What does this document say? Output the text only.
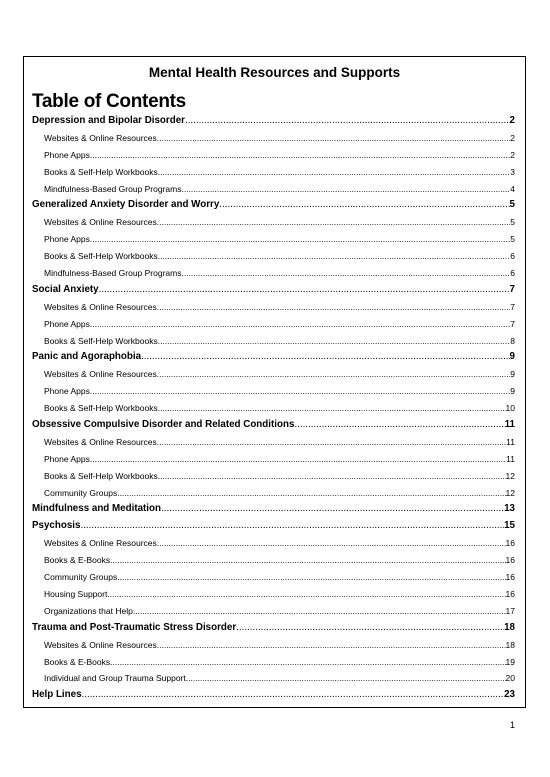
Mental Health Resources and Supports
Table of Contents
Depression and Bipolar Disorder .....	2
Websites & Online Resources .....	2
Phone Apps .....	2
Books & Self-Help Workbooks .....	3
Mindfulness-Based Group Programs .....	4
Generalized Anxiety Disorder and Worry .....	5
Websites & Online Resources .....	5
Phone Apps .....	5
Books & Self-Help Workbooks .....	6
Mindfulness-Based Group Programs .....	6
Social Anxiety .....	7
Websites & Online Resources .....	7
Phone Apps .....	7
Books & Self-Help Workbooks .....	8
Panic and Agoraphobia .....	9
Websites & Online Resources .....	9
Phone Apps .....	9
Books & Self-Help Workbooks .....	10
Obsessive Compulsive Disorder and Related Conditions .....	11
Websites & Online Resources .....	11
Phone Apps .....	11
Books & Self-Help Workbooks .....	12
Community Groups .....	12
Mindfulness and Meditation .....	13
Psychosis .....	15
Websites & Online Resources .....	16
Books & E-Books .....	16
Community Groups .....	16
Housing Support .....	16
Organizations that Help .....	17
Trauma and Post-Traumatic Stress Disorder .....	18
Websites & Online Resources .....	18
Books & E-Books .....	19
Individual and Group Trauma Support .....	20
Help Lines .....	23
1
